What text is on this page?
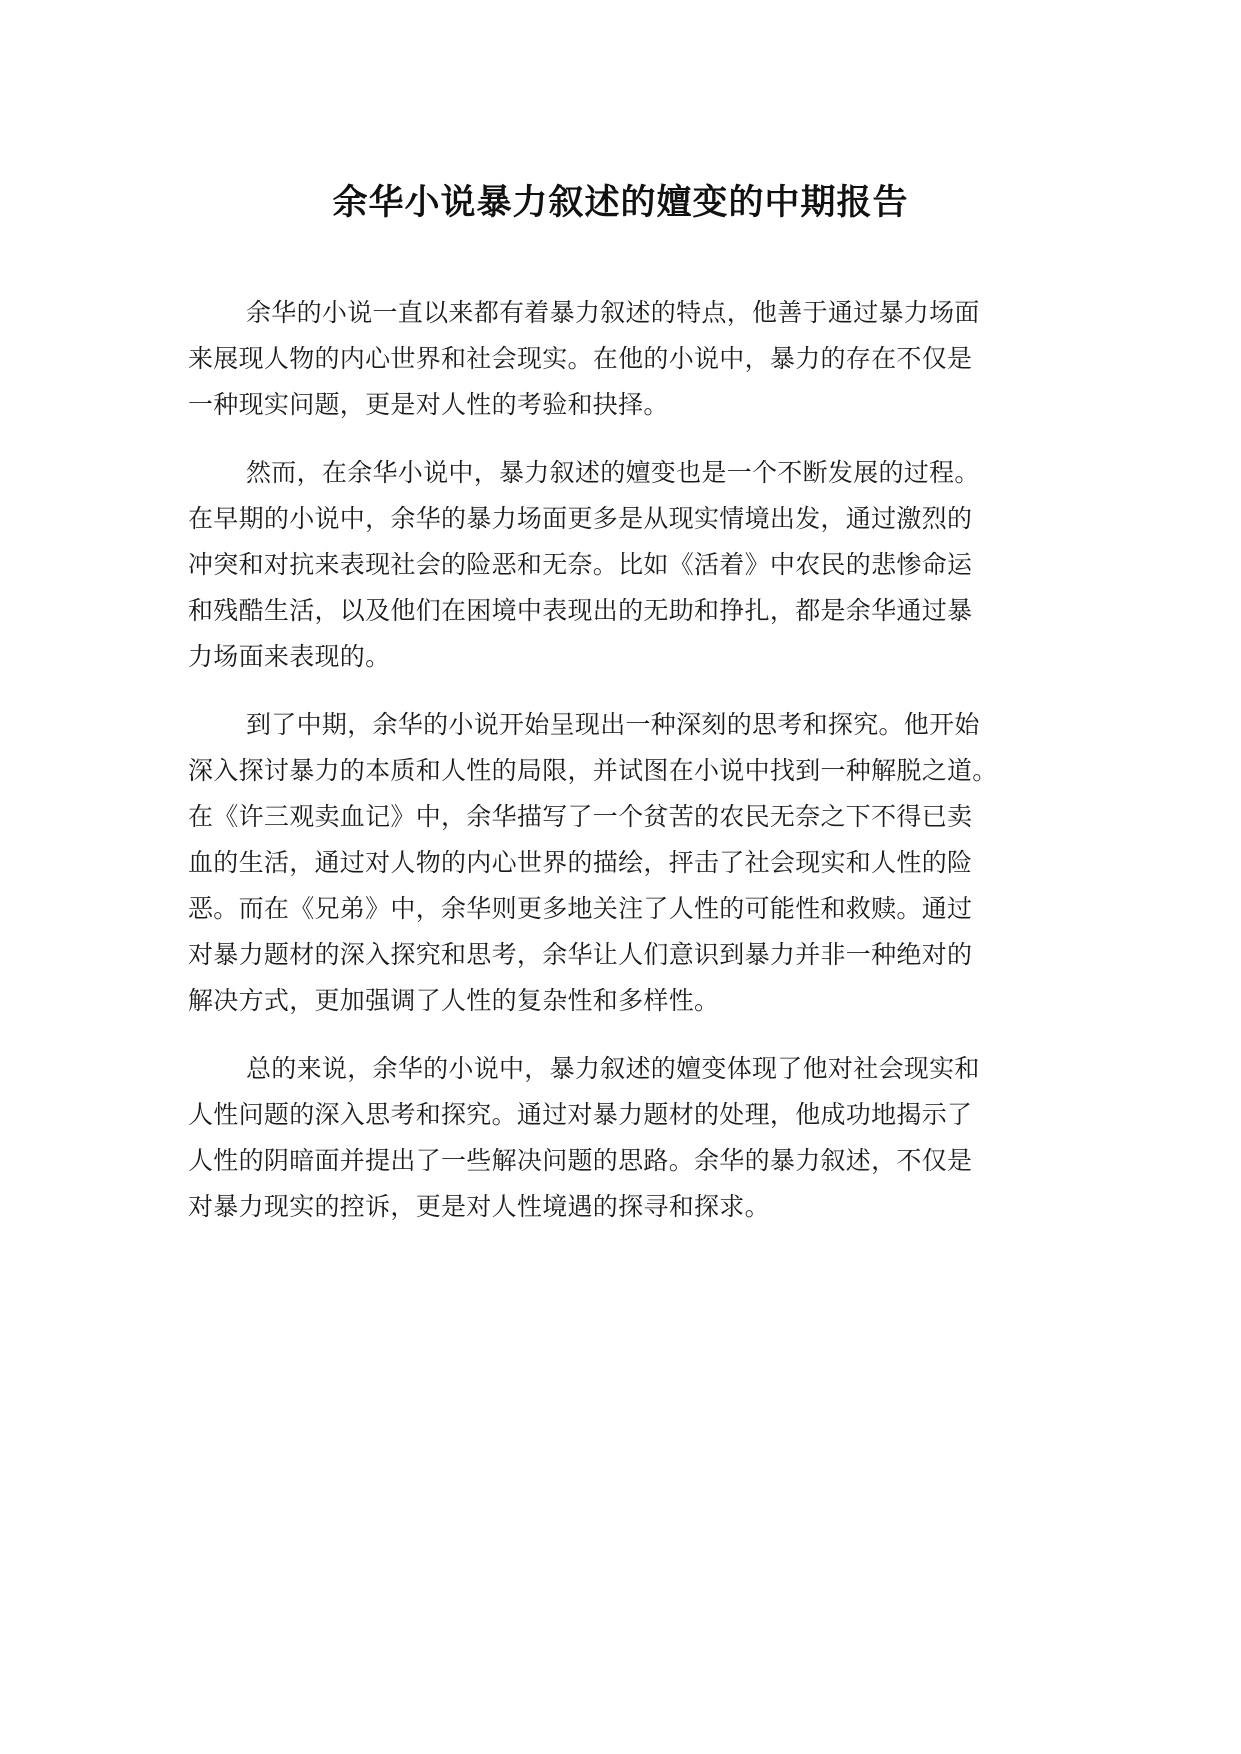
余华小说暴力叙述的嬗变的中期报告

余华的小说一直以来都有着暴力叙述的特点，他善于通过暴力场面
来展现人物的内心世界和社会现实。在他的小说中，暴力的存在不仅是
一种现实问题，更是对人性的考验和抉择。

然而，在余华小说中，暴力叙述的嬗变也是一个不断发展的过程。
在早期的小说中，余华的暴力场面更多是从现实情境出发，通过激烈的
冲突和对抗来表现社会的险恶和无奈。比如《活着》中农民的悲惨命运
和残酷生活，以及他们在困境中表现出的无助和挣扎，都是余华通过暴
力场面来表现的。

到了中期，余华的小说开始呈现出一种深刻的思考和探究。他开始
深入探讨暴力的本质和人性的局限，并试图在小说中找到一种解脱之道。
在《许三观卖血记》中，余华描写了一个贫苦的农民无奈之下不得已卖
血的生活，通过对人物的内心世界的描绘，抨击了社会现实和人性的险
恶。而在《兄弟》中，余华则更多地关注了人性的可能性和救赎。通过
对暴力题材的深入探究和思考，余华让人们意识到暴力并非一种绝对的
解决方式，更加强调了人性的复杂性和多样性。

总的来说，余华的小说中，暴力叙述的嬗变体现了他对社会现实和
人性问题的深入思考和探究。通过对暴力题材的处理，他成功地揭示了
人性的阴暗面并提出了一些解决问题的思路。余华的暴力叙述，不仅是
对暴力现实的控诉，更是对人性境遇的探寻和探求。
